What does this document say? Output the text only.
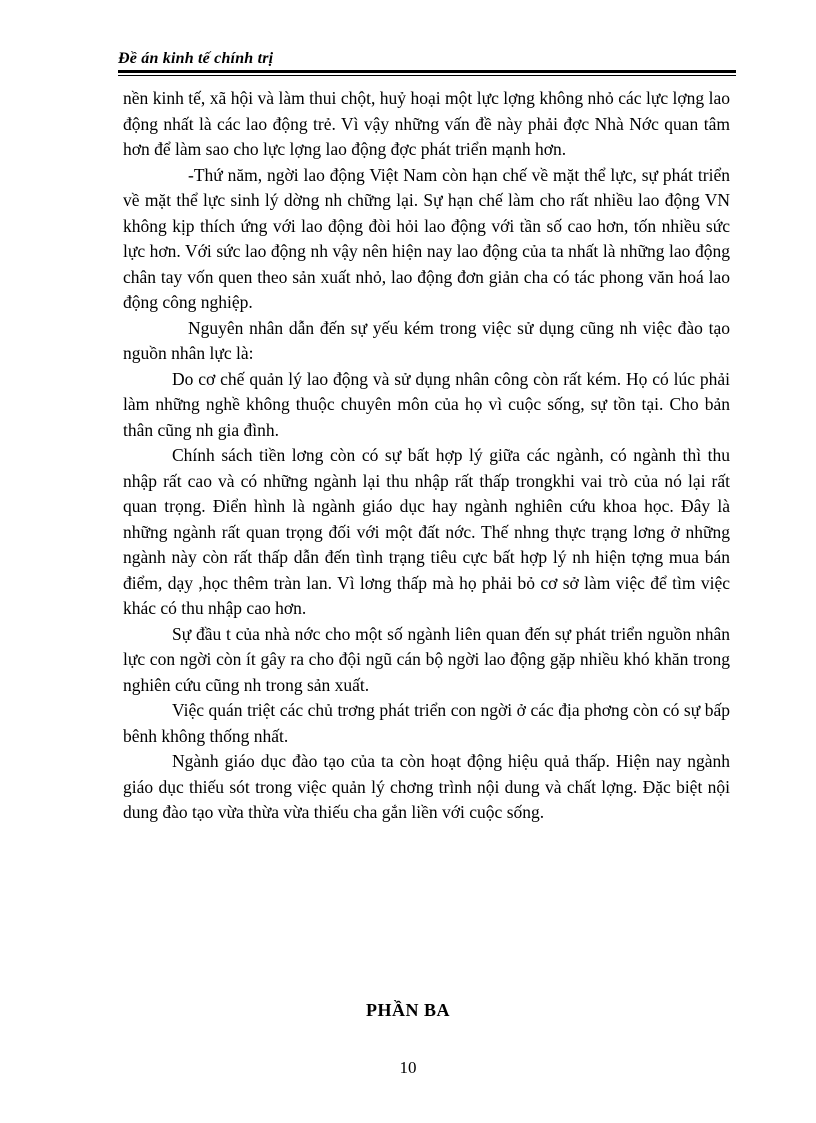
Đề án kinh tế chính trị

nền kinh tế, xã hội và làm thui chột, huỷ hoại một lực lợng không nhỏ các lực lợng lao động nhất là các lao động trẻ. Vì vậy những vấn đề này phải đợc Nhà Nớc quan tâm hơn để làm sao cho lực lợng lao động đợc phát triển mạnh hơn.

-Thứ năm, ngời lao động Việt Nam còn hạn chế về mặt thể lực, sự phát triển về mặt thể lực sinh lý dờng nh chững lại. Sự hạn chế làm cho rất nhiều lao động VN không kịp thích ứng với lao động đòi hỏi lao động với tần số cao hơn, tốn nhiều sức lực hơn. Với sức lao động nh vậy nên hiện nay lao động của ta nhất là những lao động chân tay vốn quen theo sản xuất nhỏ, lao động đơn giản cha có tác phong văn hoá lao động công nghiệp.

Nguyên nhân dẫn đến sự yếu kém trong việc sử dụng cũng nh việc đào tạo nguồn nhân lực là:

Do cơ chế quản lý lao động và sử dụng nhân công còn rất kém. Họ có lúc phải làm những nghề không thuộc chuyên môn của họ vì cuộc sống, sự tồn tại. Cho bản thân cũng nh gia đình.

Chính sách tiền lơng còn có sự bất hợp lý giữa các ngành, có ngành thì thu nhập rất cao và có những ngành lại thu nhập rất thấp trongkhi vai trò của nó lại rất quan trọng. Điển hình là ngành giáo dục hay ngành nghiên cứu khoa học. Đây là những ngành rất quan trọng đối với một đất nớc. Thế nhng thực trạng lơng ở những ngành này còn rất thấp dẫn đến tình trạng tiêu cực bất hợp lý nh hiện tợng mua bán điểm, dạy ,học thêm tràn lan. Vì lơng thấp mà họ phải bỏ cơ sở làm việc để tìm việc khác có thu nhập cao hơn.

Sự đầu t của nhà nớc cho một số ngành liên quan đến sự phát triển nguồn nhân lực con ngời còn ít gây ra cho đội ngũ cán bộ ngời lao động gặp nhiều khó khăn trong nghiên cứu cũng nh trong sản xuất.

Việc quán triệt các chủ trơng phát triển con ngời ở các địa phơng còn có sự bấp bênh không thống nhất.

Ngành giáo dục đào tạo của ta còn hoạt động hiệu quả thấp. Hiện nay ngành giáo dục thiếu sót trong việc quản lý chơng trình nội dung và chất lợng. Đặc biệt nội dung đào tạo vừa thừa vừa thiếu cha gắn liền với cuộc sống.

PHẦN BA
10
